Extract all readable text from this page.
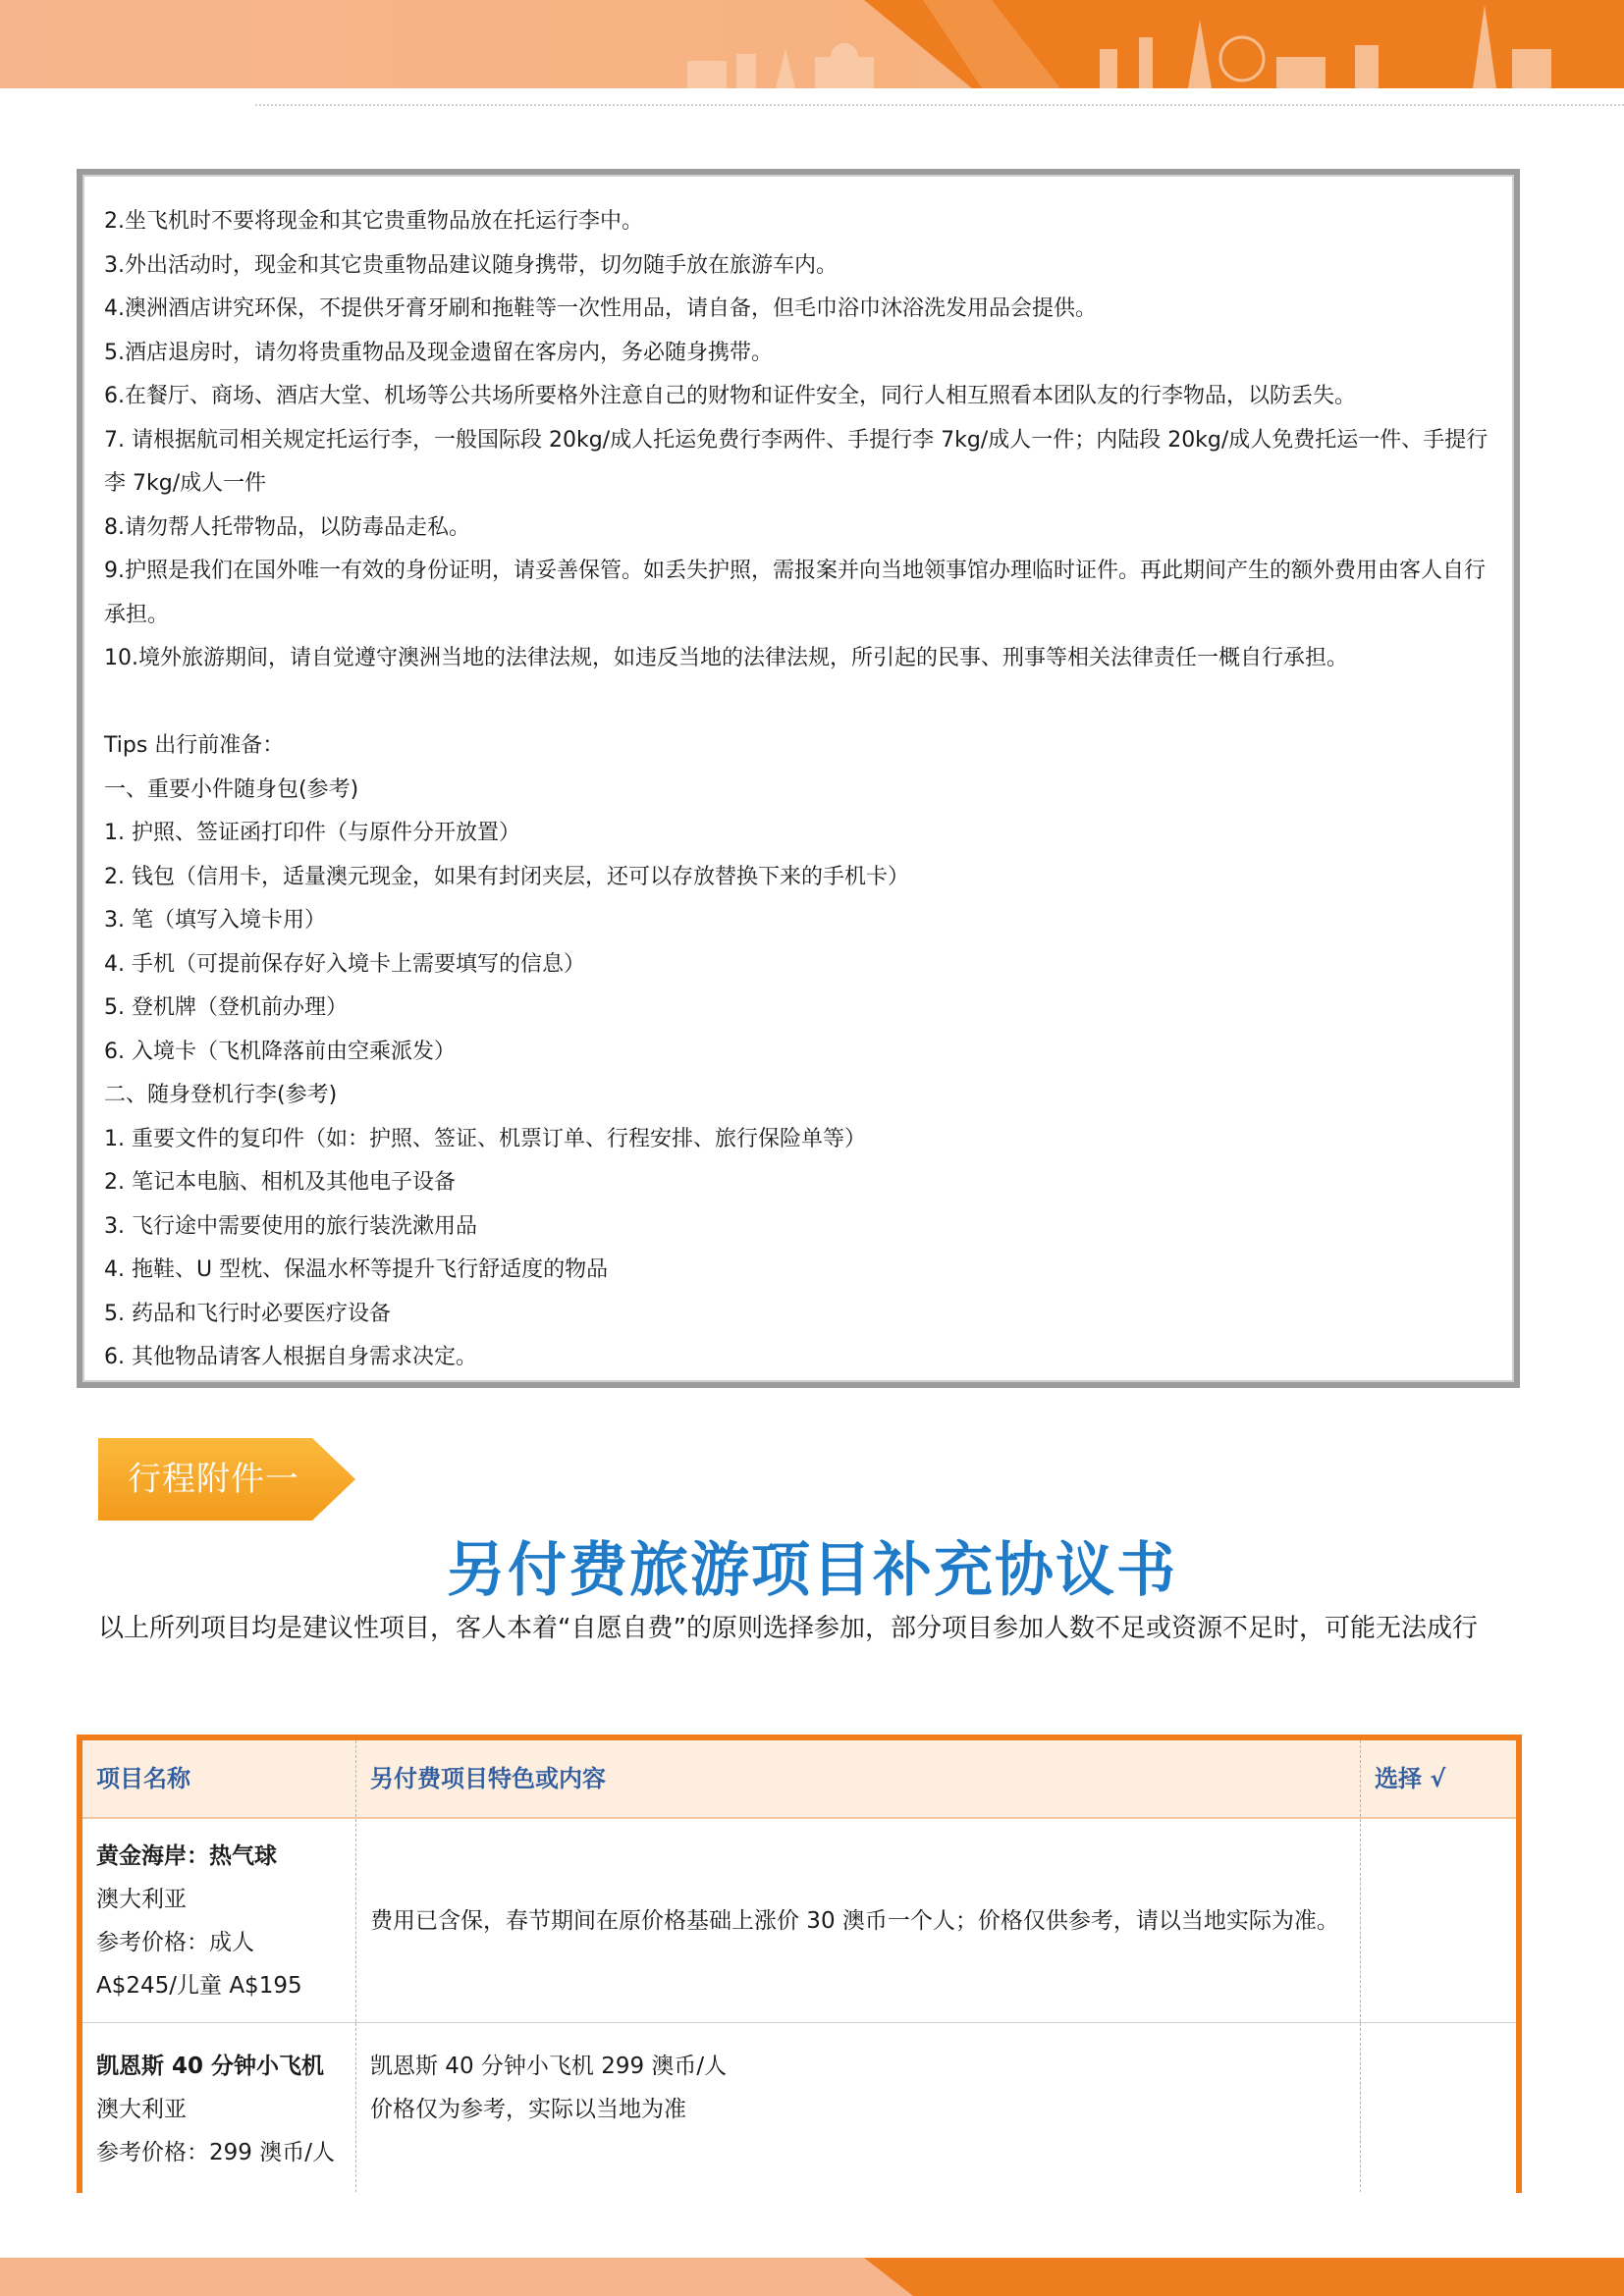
2.坐飞机时不要将现金和其它贵重物品放在托运行李中。
3.外出活动时，现金和其它贵重物品建议随身携带，切勿随手放在旅游车内。
4.澳洲酒店讲究环保，不提供牙膏牙刷和拖鞋等一次性用品，请自备，但毛巾浴巾沐浴洗发用品会提供。
5.酒店退房时，请勿将贵重物品及现金遗留在客房内，务必随身携带。
6.在餐厅、商场、酒店大堂、机场等公共场所要格外注意自己的财物和证件安全，同行人相互照看本团队友的行李物品，以防丢失。
7. 请根据航司相关规定托运行李，一般国际段 20kg/成人托运免费行李两件、手提行李 7kg/成人一件；内陆段 20kg/成人免费托运一件、手提行李 7kg/成人一件
8.请勿帮人托带物品，以防毒品走私。
9.护照是我们在国外唯一有效的身份证明，请妥善保管。如丢失护照，需报案并向当地领事馆办理临时证件。再此期间产生的额外费用由客人自行承担。
10.境外旅游期间，请自觉遵守澳洲当地的法律法规，如违反当地的法律法规，所引起的民事、刑事等相关法律责任一概自行承担。
Tips 出行前准备：
一、重要小件随身包(参考)
1. 护照、签证函打印件（与原件分开放置）
2. 钱包（信用卡，适量澳元现金，如果有封闭夹层，还可以存放替换下来的手机卡）
3. 笔（填写入境卡用）
4. 手机（可提前保存好入境卡上需要填写的信息）
5. 登机牌（登机前办理）
6. 入境卡（飞机降落前由空乘派发）
二、随身登机行李(参考)
1. 重要文件的复印件（如：护照、签证、机票订单、行程安排、旅行保险单等）
2. 笔记本电脑、相机及其他电子设备
3. 飞行途中需要使用的旅行装洗漱用品
4. 拖鞋、U 型枕、保温水杯等提升飞行舒适度的物品
5. 药品和飞行时必要医疗设备
6. 其他物品请客人根据自身需求决定。
行程附件一
另付费旅游项目补充协议书
以上所列项目均是建议性项目，客人本着“自愿自费”的原则选择参加，部分项目参加人数不足或资源不足时，可能无法成行
项目名称	另付费项目特色或内容	选择 √

黄金海岸：热气球
澳大利亚
参考价格：成人 A$245/儿童 A$195	费用已含保，春节期间在原价格基础上涨价 30 澳币一个人；价格仅供参考，请以当地实际为准。	

凯恩斯 40 分钟小飞机
澳大利亚
参考价格：299 澳币/人	凯恩斯 40 分钟小飞机 299 澳币/人
价格仅为参考，实际以当地为准	
